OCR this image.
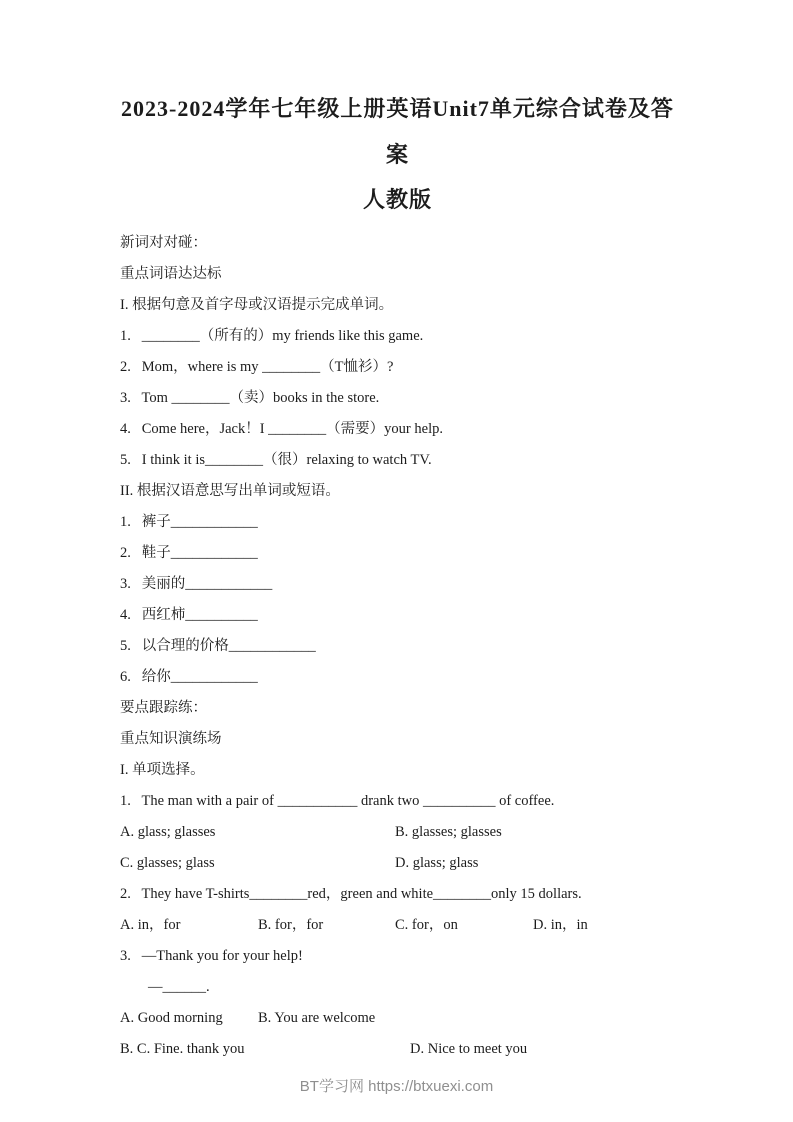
2023-2024学年七年级上册英语Unit7单元综合试卷及答案
人教版
新词对对碰：
重点词语达达标
I. 根据句意及首字母或汉语提示完成单词。
1.   ________（所有的）my friends like this game.
2.   Mom，where is my ________（T恤衫）?
3.   Tom ________（卖）books in the store.
4.   Come here，Jack！I ________（需要）your help.
5.   I think it is________（很）relaxing to watch TV.
II. 根据汉语意思写出单词或短语。
1.   裤子____________
2.   鞋子____________
3.   美丽的____________
4.   西红柿__________
5.   以合理的价格____________
6.   给你____________
要点跟踪练：
重点知识演练场
I. 单项选择。
1.   The man with a pair of ___________ drank two __________ of coffee.
A. glass; glasses	B. glasses; glasses
C. glasses; glass	D. glass; glass
2.   They have T-shirts________red，green and white________only 15 dollars.
A. in，for	B. for，for	C. for，on	D. in，in
3.   —Thank you for your help!
—______.
A. Good morning	B. You are welcome
B. C. Fine. thank you	D. Nice to meet you
BT学习网 https://btxuexi.com
